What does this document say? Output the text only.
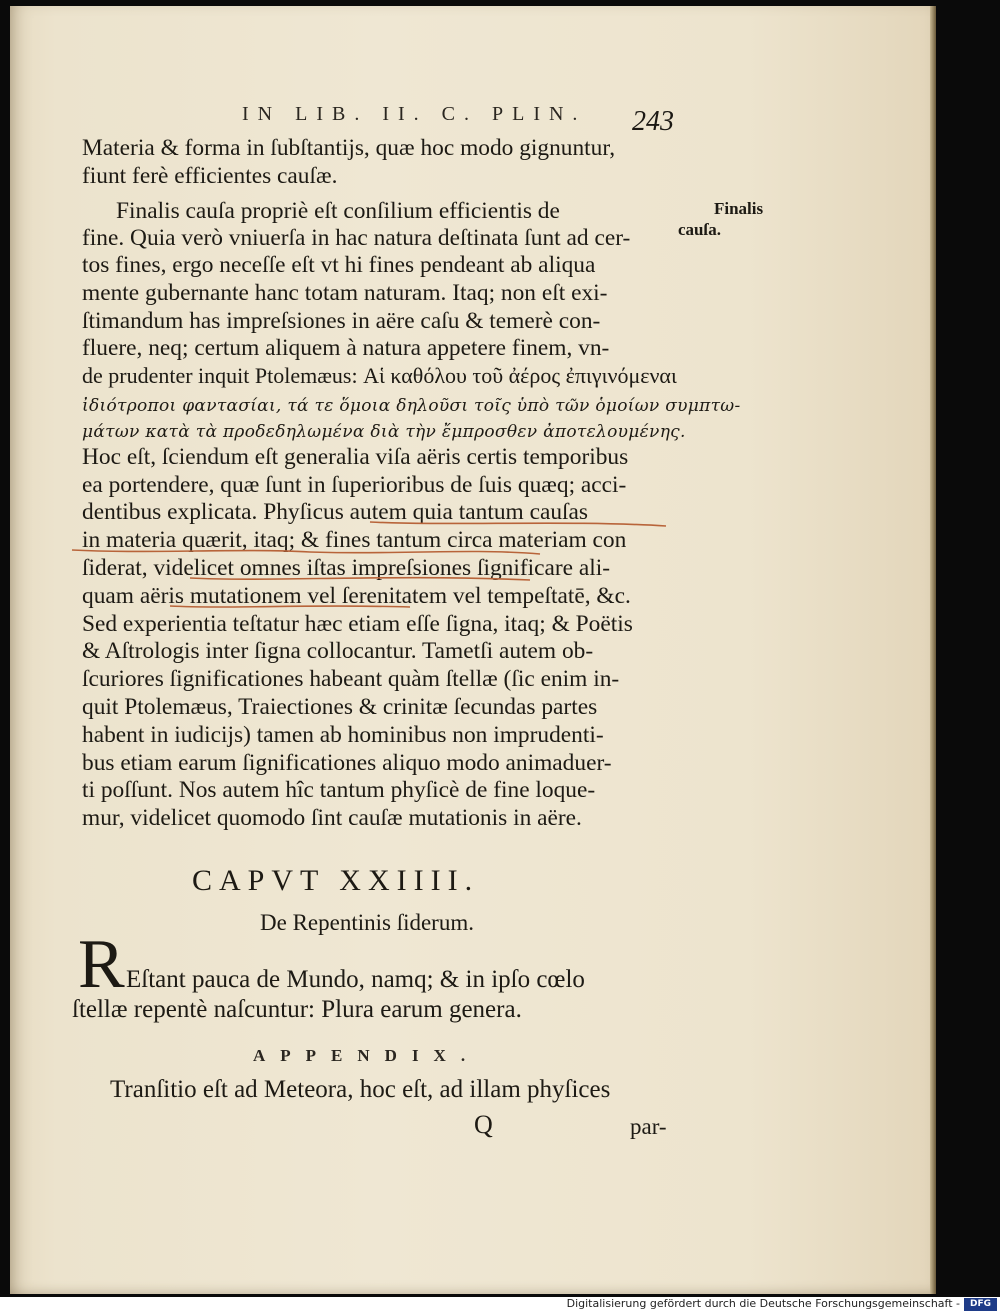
IN LIB. II. C. PLIN.	243
Materia & forma in ſubſtantijs, quæ hoc modo gignuntur,
fiunt ferè efficientes cauſæ.
Finalis cauſa propriè eſt conſilium efficientis de
fine. Quia verò vniuerſa in hac natura deſtinata ſunt ad cer-
tos fines, ergo neceſſe eſt vt hi fines pendeant ab aliqua
mente gubernante hanc totam naturam. Itaq; non eſt exi-
ſtimandum has impreſsiones in aëre caſu & temerè con-
fluere, neq; certum aliquem à natura appetere finem, vn-
de prudenter inquit Ptolemæus: Αἱ καθόλου τοῦ ἀέρος ἐπιγινόμεναι
ἰδιότροποι φαντασίαι, τά τε ὅμοια δηλοῦσι τοῖς ὑπὸ τῶν ὁμοίων συμπτω-
μάτων κατὰ τὰ προδεδηλωμένα διὰ τὴν ἔμπροσθεν ἀποτελουμένης.
Hoc eſt, ſciendum eſt generalia viſa aëris certis temporibus
ea portendere, quæ ſunt in ſuperioribus de ſuis quæq; acci-
dentibus explicata. Phyſicus autem quia tantum cauſas
in materia quærit, itaq; & fines tantum circa materiam con
ſiderat, videlicet omnes iſtas impreſsiones ſignificare ali-
quam aëris mutationem vel ſerenitatem vel tempeſtatē, &c.
Sed experientia teſtatur hæc etiam eſſe ſigna, itaq; & Poëtis
& Aſtrologis inter ſigna collocantur. Tametſi autem ob-
ſcuriores ſignificationes habeant quàm ſtellæ (ſic enim in-
quit Ptolemæus, Traiectiones & crinitæ ſecundas partes
habent in iudicijs) tamen ab hominibus non imprudenti-
bus etiam earum ſignificationes aliquo modo animaduer-
ti poſſunt. Nos autem hîc tantum phyſicè de fine loque-
mur, videlicet quomodo ſint cauſæ mutationis in aëre.
Finalis
cauſa.
CAPVT XXIIII.
De Repentinis ſiderum.
R Eſtant pauca de Mundo, namq; & in ipſo cœlo
ſtellæ repentè naſcuntur: Plura earum genera.
APPENDIX.
Tranſitio eſt ad Meteora, hoc eſt, ad illam phyſices
Q	par-
Digitalisierung gefördert durch die Deutsche Forschungsgemeinschaft -	DFG
